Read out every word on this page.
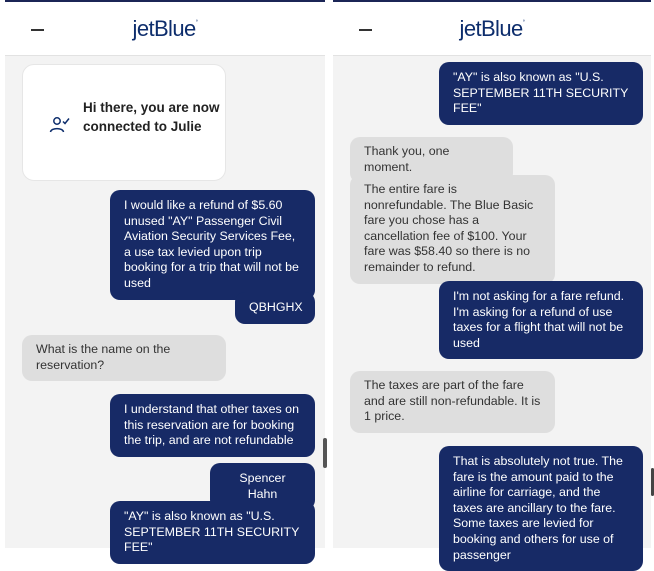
jetBlue°
Hi there, you are now connected to Julie
I would like a refund of $5.60 unused "AY" Passenger Civil Aviation Security Services Fee, a use tax levied upon trip booking for a trip that will not be used
QBHGHX
What is the name on the reservation?
I understand that other taxes on this reservation are for booking the trip, and are not refundable
Spencer Hahn
"AY" is also known as "U.S. SEPTEMBER 11TH SECURITY FEE"
jetBlue°
"AY" is also known as "U.S. SEPTEMBER 11TH SECURITY FEE"
Thank you, one moment.
The entire fare is nonrefundable. The Blue Basic fare you chose has a cancellation fee of $100. Your fare was $58.40 so there is no remainder to refund.
I'm not asking for a fare refund. I'm asking for a refund of use taxes for a flight that will not be used
The taxes are part of the fare and are still non-refundable. It is 1 price.
That is absolutely not true. The fare is the amount paid to the airline for carriage, and the taxes are ancillary to the fare. Some taxes are levied for booking and others for use of passenger
